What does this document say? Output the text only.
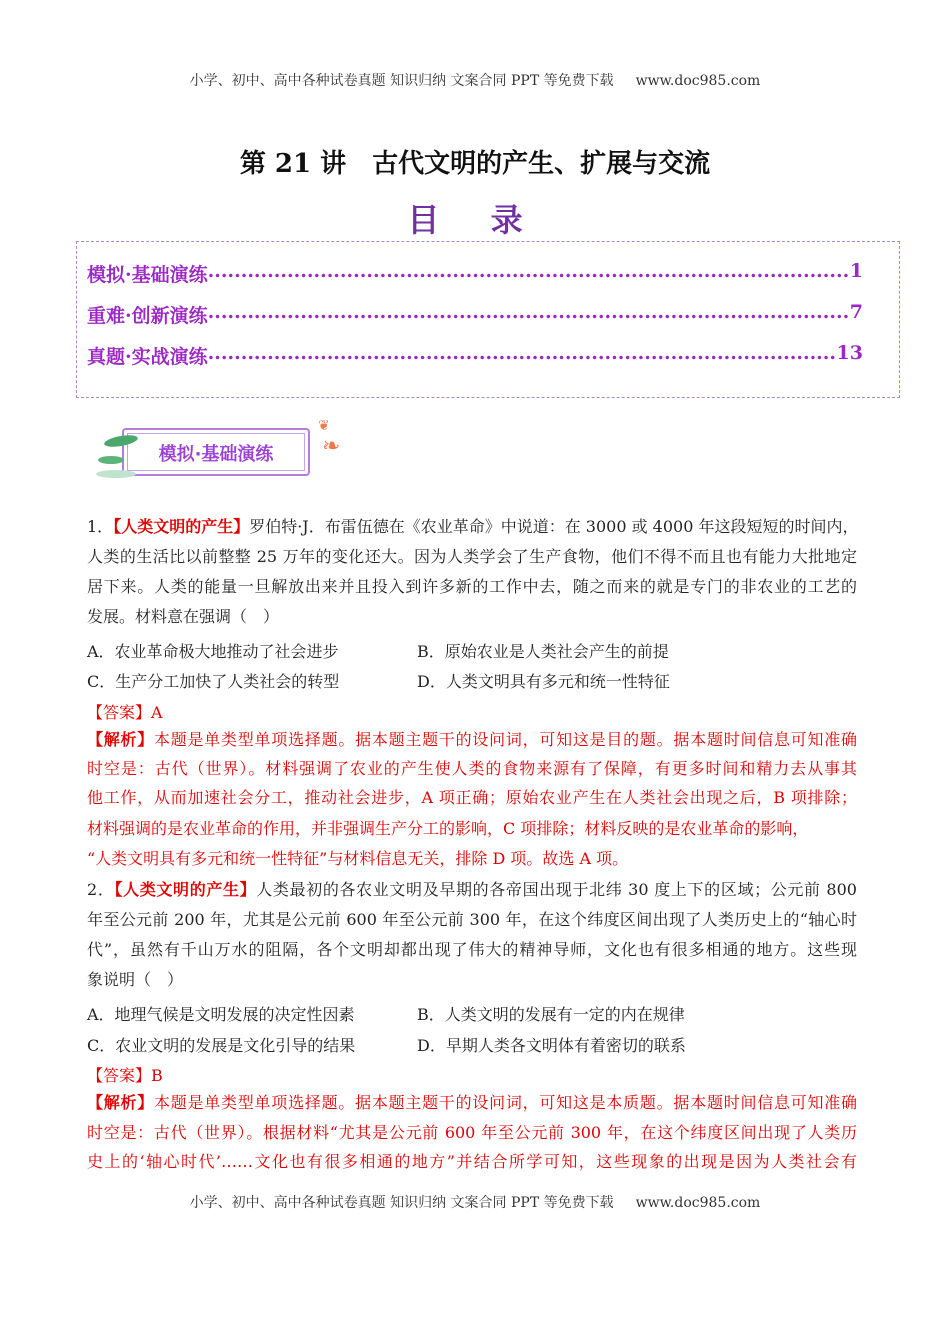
小学、初中、高中各种试卷真题 知识归纳 文案合同 PPT 等免费下载 www.doc985.com
第 21 讲　古代文明的产生、扩展与交流
目 录
模拟·基础演练 .....	1
重难·创新演练 .....	7
真题·实战演练 .....	13
模拟·基础演练
❦
❧
1．【人类文明的产生】罗伯特·J．布雷伍德在《农业革命》中说道：在 3000 或 4000 年这段短短的时间内，
人类的生活比以前整整 25 万年的变化还大。因为人类学会了生产食物，他们不得不而且也有能力大批地定
居下来。人类的能量一旦解放出来并且投入到许多新的工作中去，随之而来的就是专门的非农业的工艺的
发展。材料意在强调（　）
A．农业革命极大地推动了社会进步	B．原始农业是人类社会产生的前提
C．生产分工加快了人类社会的转型	D．人类文明具有多元和统一性特征
【答案】A
【解析】本题是单类型单项选择题。据本题主题干的设问词，可知这是目的题。据本题时间信息可知准确
时空是：古代（世界）。材料强调了农业的产生使人类的食物来源有了保障，有更多时间和精力去从事其
他工作，从而加速社会分工，推动社会进步，A 项正确；原始农业产生在人类社会出现之后，B 项排除；
材料强调的是农业革命的作用，并非强调生产分工的影响，C 项排除；材料反映的是农业革命的影响，
“人类文明具有多元和统一性特征”与材料信息无关，排除 D 项。故选 A 项。
2．【人类文明的产生】人类最初的各农业文明及早期的各帝国出现于北纬 30 度上下的区域；公元前 800
年至公元前 200 年，尤其是公元前 600 年至公元前 300 年，在这个纬度区间出现了人类历史上的“轴心时
代”，虽然有千山万水的阻隔，各个文明却都出现了伟大的精神导师，文化也有很多相通的地方。这些现
象说明（　）
A．地理气候是文明发展的决定性因素	B．人类文明的发展有一定的内在规律
C．农业文明的发展是文化引导的结果	D．早期人类各文明体有着密切的联系
【答案】B
【解析】本题是单类型单项选择题。据本题主题干的设问词，可知这是本质题。据本题时间信息可知准确
时空是：古代（世界）。根据材料“尤其是公元前 600 年至公元前 300 年，在这个纬度区间出现了人类历
史上的‘轴心时代’……文化也有很多相通的地方”并结合所学可知，这些现象的出现是因为人类社会有
小学、初中、高中各种试卷真题 知识归纳 文案合同 PPT 等免费下载 www.doc985.com
